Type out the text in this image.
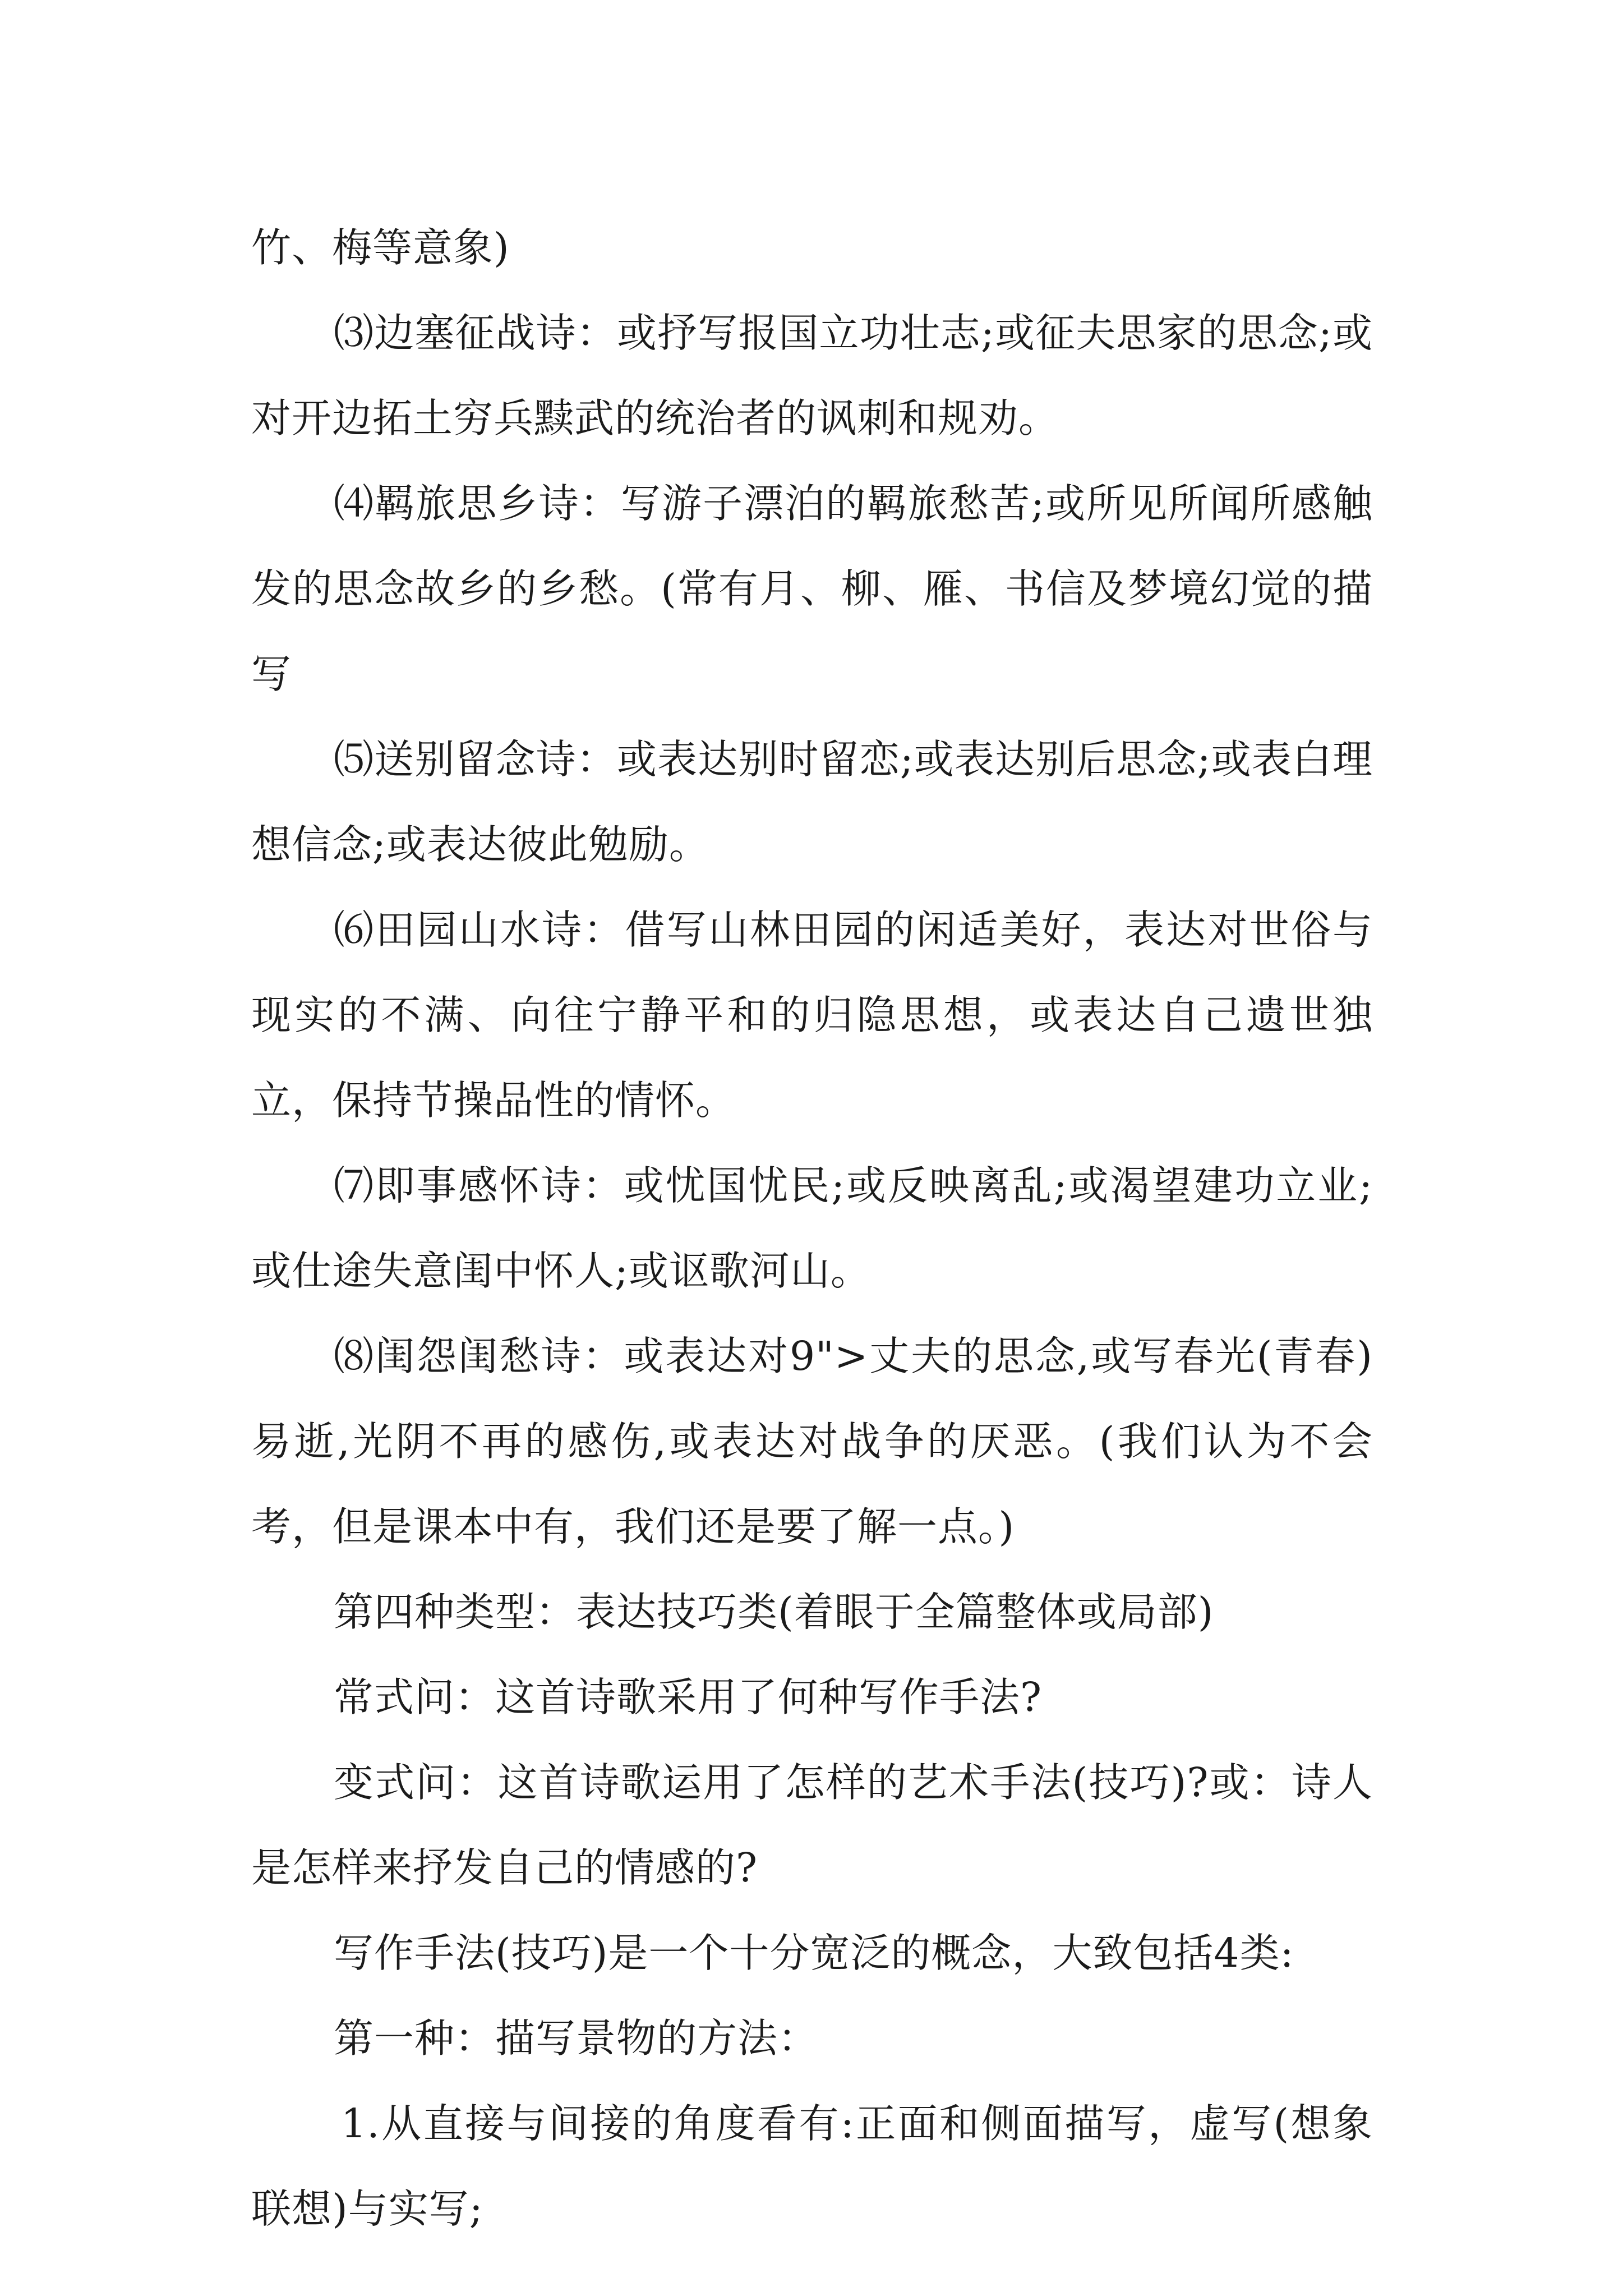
竹、梅等意象)

⑶边塞征战诗：或抒写报国立功壮志;或征夫思家的思念;或对开边拓土穷兵黩武的统治者的讽刺和规劝。

⑷羁旅思乡诗：写游子漂泊的羁旅愁苦;或所见所闻所感触发的思念故乡的乡愁。(常有月、柳、雁、书信及梦境幻觉的描写

⑸送别留念诗：或表达别时留恋;或表达别后思念;或表白理想信念;或表达彼此勉励。

⑹田园山水诗：借写山林田园的闲适美好，表达对世俗与现实的不满、向往宁静平和的归隐思想，或表达自己遗世独立，保持节操品性的情怀。

⑺即事感怀诗：或忧国忧民;或反映离乱;或渴望建功立业;或仕途失意闺中怀人;或讴歌河山。

⑻闺怨闺愁诗：或表达对9">丈夫的思念,或写春光(青春)易逝,光阴不再的感伤,或表达对战争的厌恶。(我们认为不会考，但是课本中有，我们还是要了解一点。)

第四种类型：表达技巧类(着眼于全篇整体或局部)

常式问：这首诗歌采用了何种写作手法?

变式问：这首诗歌运用了怎样的艺术手法(技巧)?或：诗人是怎样来抒发自己的情感的?

写作手法(技巧)是一个十分宽泛的概念，大致包括4类:

第一种：描写景物的方法：

1.从直接与间接的角度看有:正面和侧面描写，虚写(想象联想)与实写;
